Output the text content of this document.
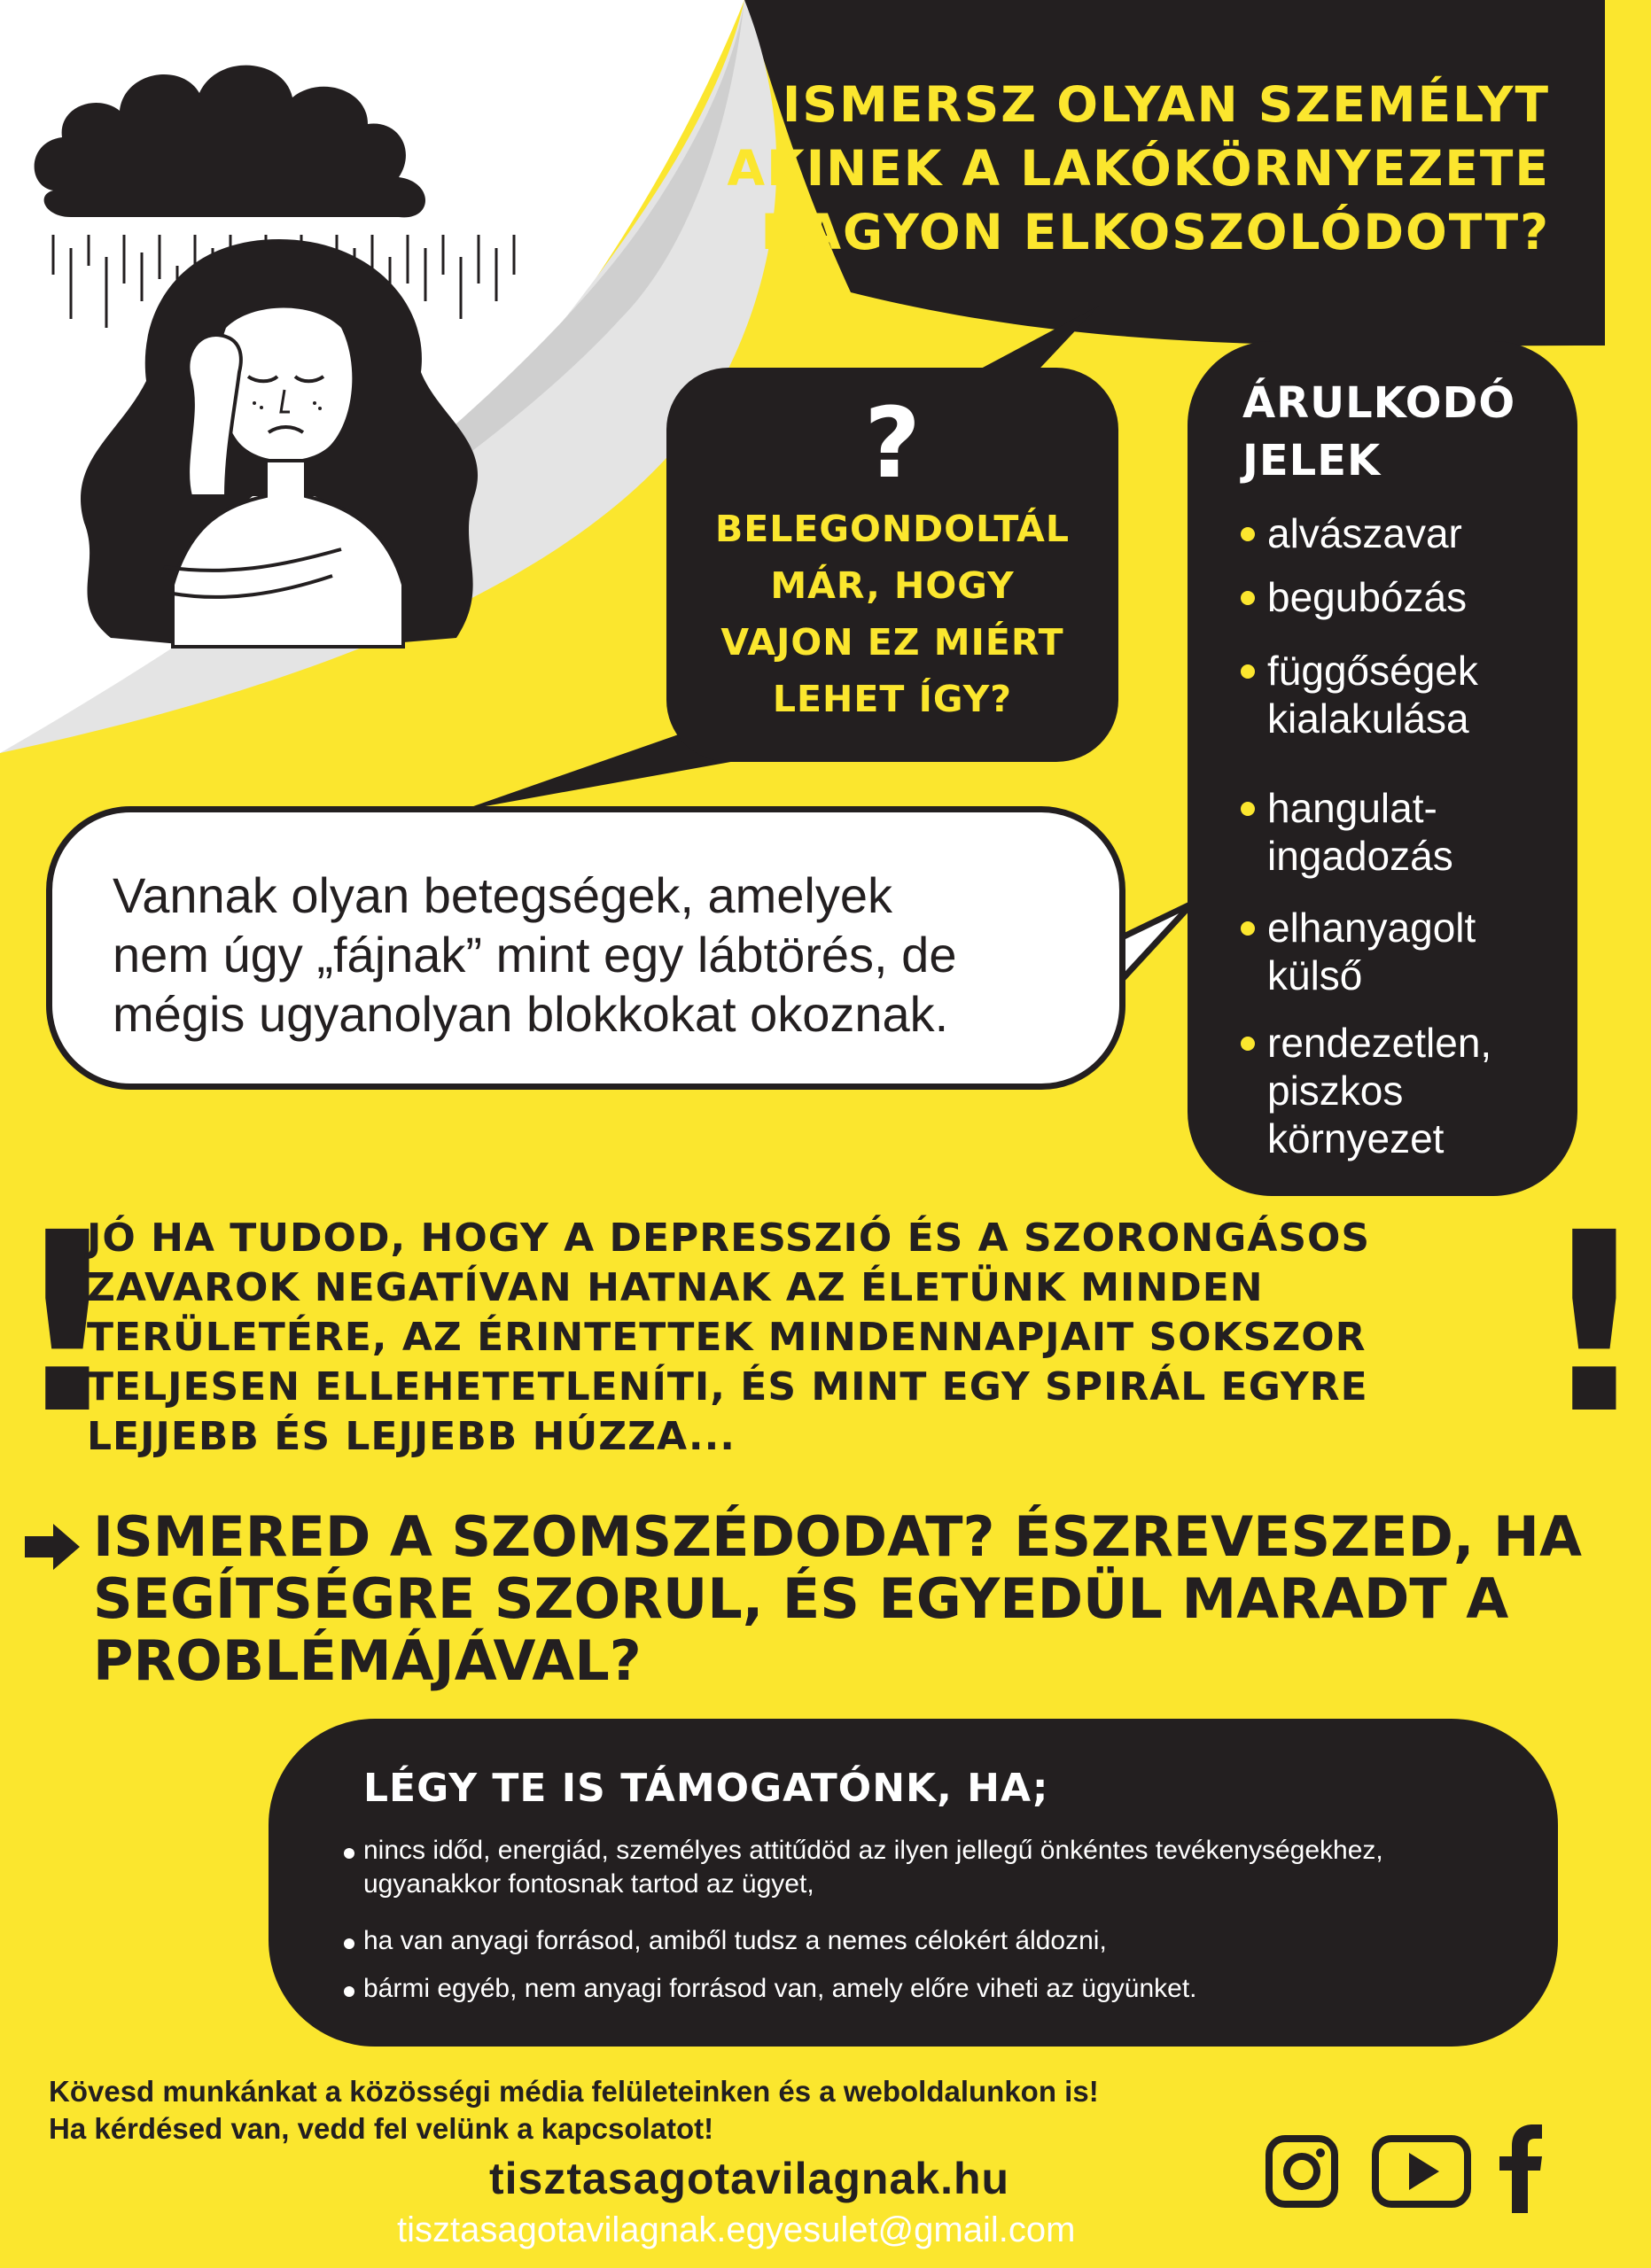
ISMERSZ OLYAN SZEMÉLYT
AKINEK A LAKÓKÖRNYEZETE
NAGYON ELKOSZOLÓDOTT?
?
BELEGONDOLTÁL
MÁR, HOGY
VAJON EZ MIÉRT
LEHET ÍGY?
ÁRULKODÓ
JELEK
alvászavar
begubózás
függőségek
kialakulása
hangulat-
ingadozás
elhanyagolt
külső
rendezetlen,
piszkos
környezet
Vannak olyan betegségek, amelyek
nem úgy „fájnak” mint egy lábtörés, de
mégis ugyanolyan blokkokat okoznak.
!	!
JÓ HA TUDOD, HOGY A DEPRESSZIÓ ÉS A SZORONGÁSOS
ZAVAROK NEGATÍVAN HATNAK AZ ÉLETÜNK MINDEN
TERÜLETÉRE, AZ ÉRINTETTEK MINDENNAPJAIT SOKSZOR
TELJESEN ELLEHETETLENÍTI, ÉS MINT EGY SPIRÁL EGYRE
LEJJEBB ÉS LEJJEBB HÚZZA...
ISMERED A SZOMSZÉDODAT? ÉSZREVESZED, HA
SEGÍTSÉGRE SZORUL, ÉS EGYEDÜL MARADT A
PROBLÉMÁJÁVAL?
LÉGY TE IS TÁMOGATÓNK, HA;
nincs időd, energiád, személyes attitűdöd az ilyen jellegű önkéntes tevékenységekhez,
ugyanakkor fontosnak tartod az ügyet,
ha van anyagi forrásod, amiből tudsz a nemes célokért áldozni,
bármi egyéb, nem anyagi forrásod van, amely előre viheti az ügyünket.
Kövesd munkánkat a közösségi média felületeinken és a weboldalunkon is!
Ha kérdésed van, vedd fel velünk a kapcsolatot!
tisztasagotavilagnak.hu
tisztasagotavilagnak.egyesulet@gmail.com
